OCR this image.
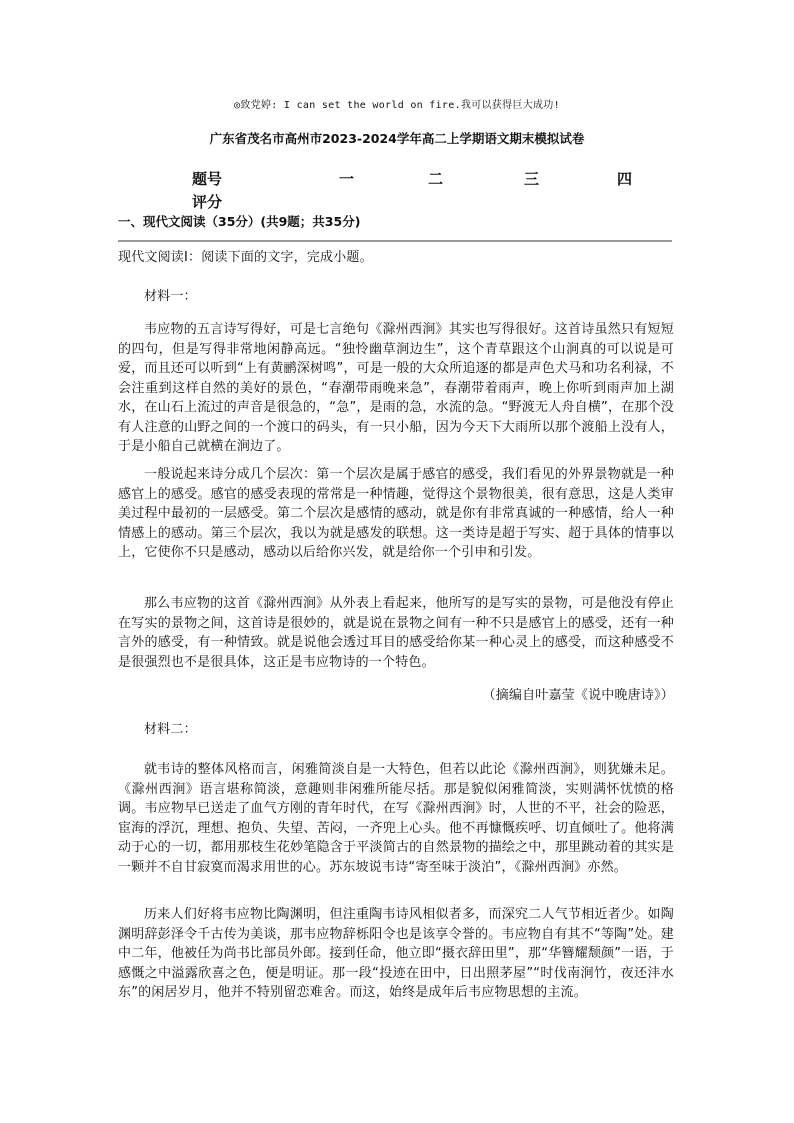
◎致党婷: I can set the world on fire.我可以获得巨大成功!
广东省茂名市高州市2023-2024学年高二上学期语文期末模拟试卷
题号	一	二	三	四
评分
一、现代文阅读（35分）(共9题；共35分)
现代文阅读Ⅰ：阅读下面的文字，完成小题。
材料一：
韦应物的五言诗写得好，可是七言绝句《滁州西涧》其实也写得很好。这首诗虽然只有短短的四句，但是写得非常地闲静高远。“独怜幽草涧边生”，这个青草跟这个山涧真的可以说是可爱，而且还可以听到“上有黄鹂深树鸣”，可是一般的大众所追逐的都是声色犬马和功名利禄，不会注重到这样自然的美好的景色，“春潮带雨晚来急”，春潮带着雨声，晚上你听到雨声加上湖水，在山石上流过的声音是很急的，“急”，是雨的急，水流的急。“野渡无人舟自横”，在那个没有人注意的山野之间的一个渡口的码头，有一只小船，因为今天下大雨所以那个渡船上没有人，于是小船自己就横在涧边了。
一般说起来诗分成几个层次：第一个层次是属于感官的感受，我们看见的外界景物就是一种感官上的感受。感官的感受表现的常常是一种情趣，觉得这个景物很美，很有意思，这是人类审美过程中最初的一层感受。第二个层次是感情的感动，就是你有非常真诚的一种感情，给人一种情感上的感动。第三个层次，我以为就是感发的联想。这一类诗是超于写实、超于具体的情事以上，它使你不只是感动，感动以后给你兴发，就是给你一个引申和引发。
那么韦应物的这首《滁州西涧》从外表上看起来，他所写的是写实的景物，可是他没有停止在写实的景物之间，这首诗是很妙的，就是说在景物之间有一种不只是感官上的感受，还有一种言外的感受，有一种情致。就是说他会透过耳目的感受给你某一种心灵上的感受，而这种感受不是很强烈也不是很具体，这正是韦应物诗的一个特色。
（摘编自叶嘉莹《说中晚唐诗》）
材料二：
就韦诗的整体风格而言，闲雅简淡自是一大特色，但若以此论《滁州西涧》，则犹嫌未足。《滁州西涧》语言堪称简淡，意趣则非闲雅所能尽括。那是貌似闲雅简淡，实则满怀忧愤的格调。韦应物早已送走了血气方刚的青年时代，在写《滁州西涧》时，人世的不平，社会的险恶，宦海的浮沉，理想、抱负、失望、苦闷，一齐兜上心头。他不再慷慨疾呼、切直倾吐了。他将满动于心的一切，都用那枝生花妙笔隐含于平淡简古的自然景物的描绘之中，那里跳动着的其实是一颗并不自甘寂寞而渴求用世的心。苏东坡说韦诗“寄至味于淡泊”，《滁州西涧》亦然。
历来人们好将韦应物比陶渊明，但注重陶韦诗风相似者多，而深究二人气节相近者少。如陶渊明辞彭泽令千古传为美谈，那韦应物辞栎阳令也是该享令誉的。韦应物自有其不“等陶”处。建中二年，他被任为尚书比部员外郎。接到任命，他立即“摄衣辞田里”，那“华簪耀颓颜”一语，于感慨之中溢露欣喜之色，便是明证。那一段“投迹在田中，日出照茅屋”“时伐南涧竹，夜还沣水东”的闲居岁月，他并不特别留恋难舍。而这，始终是成年后韦应物思想的主流。
